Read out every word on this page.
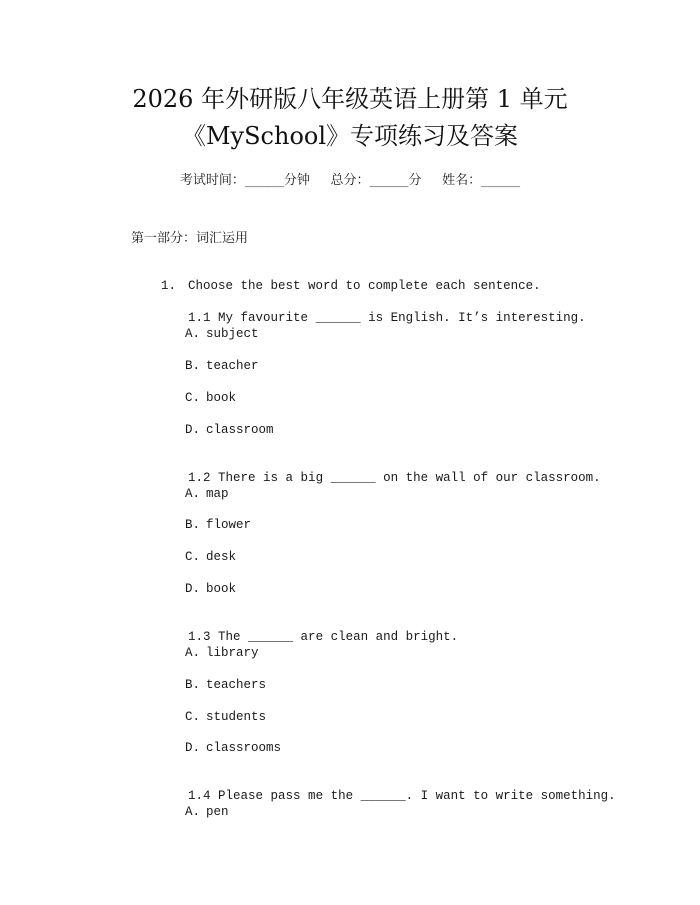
2026 年外研版八年级英语上册第 1 单元
《MySchool》专项练习及答案
考试时间：______分钟     总分：______分     姓名：______
第一部分：词汇运用

1. Choose the best word to complete each sentence.

1.1 My favourite ______ is English. It’s interesting.

A. subject
B. teacher
C. book
D. classroom

1.2 There is a big ______ on the wall of our classroom.

A. map
B. flower
C. desk
D. book

1.3 The ______ are clean and bright.

A. library
B. teachers
C. students
D. classrooms

1.4 Please pass me the ______. I want to write something.

A. pen
